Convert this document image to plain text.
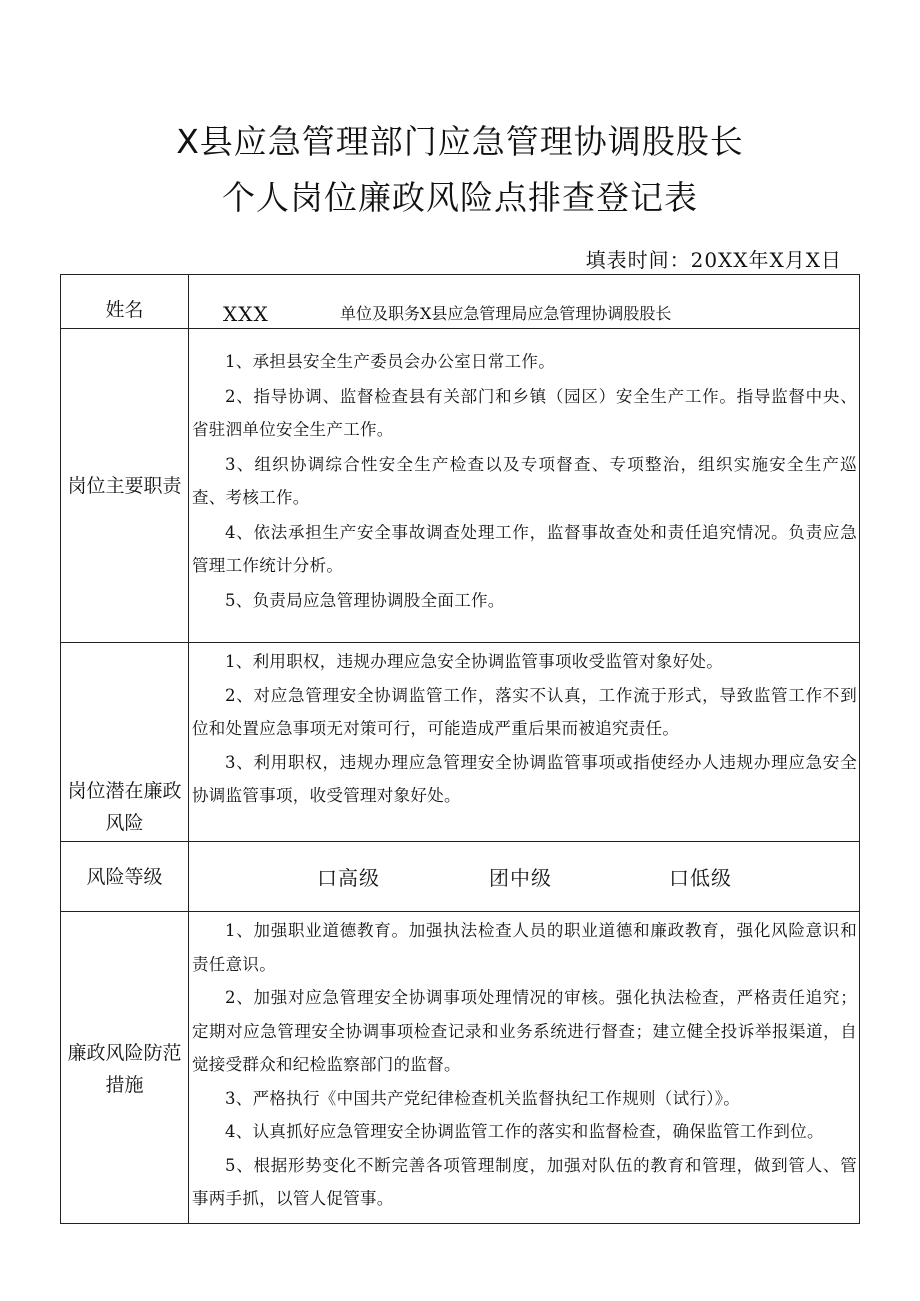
X县应急管理部门应急管理协调股股长
个人岗位廉政风险点排查登记表
填表时间：20XX年X月X日
姓名	XXX 单位及职务X县应急管理局应急管理协调股股长

岗位主要职责	1、承担县安全生产委员会办公室日常工作。

2、指导协调、监督检查县有关部门和乡镇（园区）安全生产工作。指导监督中央、省驻泗单位安全生产工作。

3、组织协调综合性安全生产检查以及专项督查、专项整治，组织实施安全生产巡查、考核工作。

4、依法承担生产安全事故调查处理工作，监督事故查处和责任追究情况。负责应急管理工作统计分析。

5、负责局应急管理协调股全面工作。

岗位潜在廉政风险	1、利用职权，违规办理应急安全协调监管事项收受监管对象好处。

2、对应急管理安全协调监管工作，落实不认真，工作流于形式，导致监管工作不到位和处置应急事项无对策可行，可能造成严重后果而被追究责任。

3、利用职权，违规办理应急管理安全协调监管事项或指使经办人违规办理应急安全协调监管事项，收受管理对象好处。

风险等级	口高级 团中级 口低级

廉政风险防范措施	1、加强职业道德教育。加强执法检查人员的职业道德和廉政教育，强化风险意识和责任意识。

2、加强对应急管理安全协调事项处理情况的审核。强化执法检查，严格责任追究；定期对应急管理安全协调事项检查记录和业务系统进行督查；建立健全投诉举报渠道，自觉接受群众和纪检监察部门的监督。

3、严格执行《中国共产党纪律检查机关监督执纪工作规则（试行）》。

4、认真抓好应急管理安全协调监管工作的落实和监督检查，确保监管工作到位。

5、根据形势变化不断完善各项管理制度，加强对队伍的教育和管理，做到管人、管事两手抓，以管人促管事。
